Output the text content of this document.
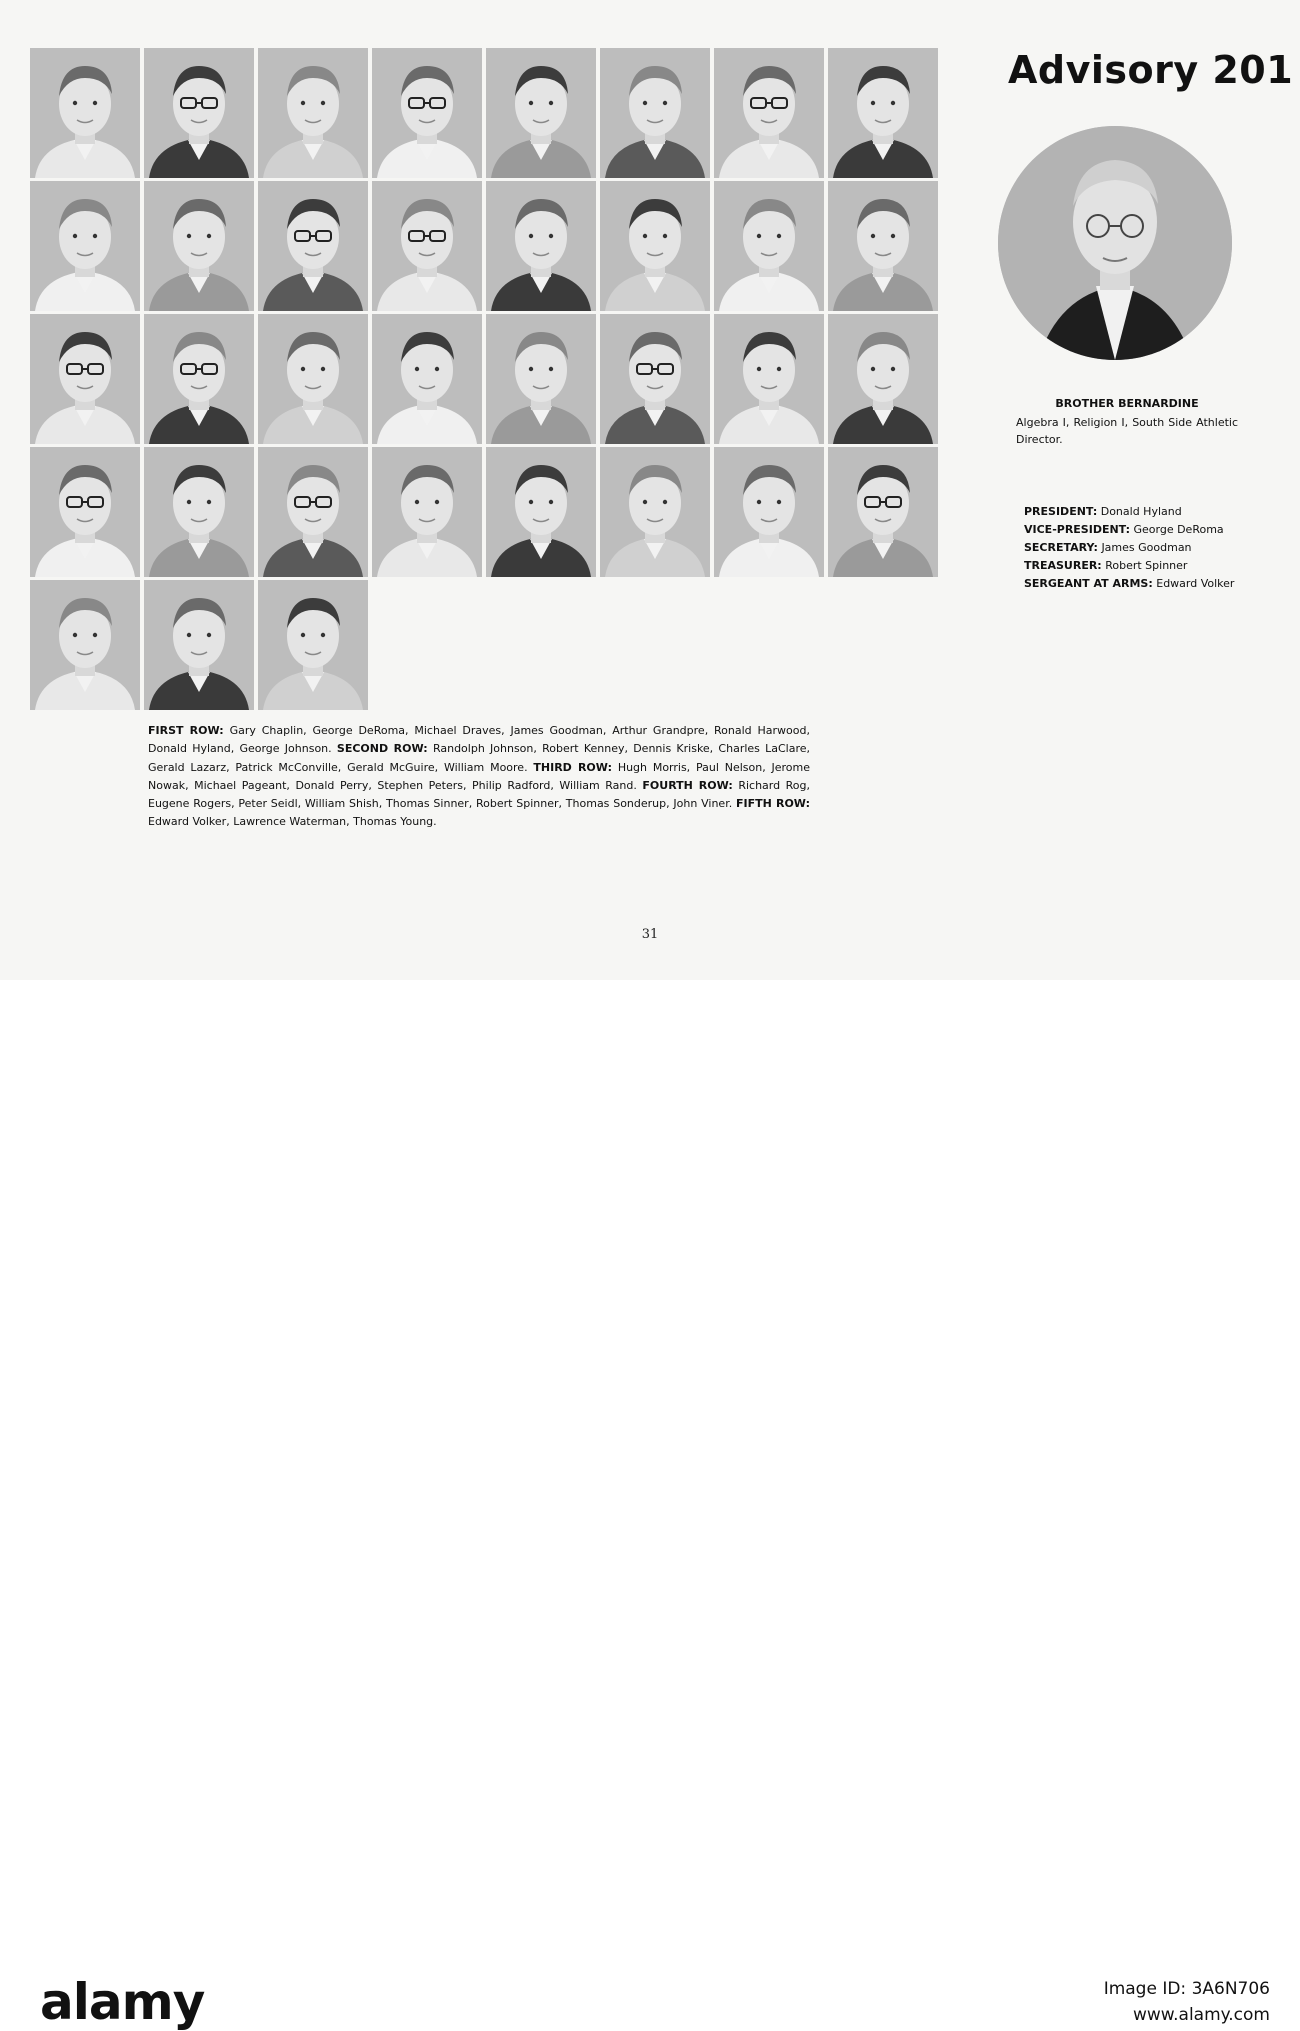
Advisory 201
BROTHER BERNARDINE
Algebra I, Religion I, South Side Athletic Director.
PRESIDENT: Donald Hyland
VICE-PRESIDENT: George DeRoma
SECRETARY: James Goodman
TREASURER: Robert Spinner
SERGEANT AT ARMS: Edward Volker
FIRST ROW: Gary Chaplin, George DeRoma, Michael Draves, James Goodman, Arthur Grandpre, Ronald Harwood, Donald Hyland, George Johnson. SECOND ROW: Randolph Johnson, Robert Kenney, Dennis Kriske, Charles LaClare, Gerald Lazarz, Patrick McConville, Gerald McGuire, William Moore. THIRD ROW: Hugh Morris, Paul Nelson, Jerome Nowak, Michael Pageant, Donald Perry, Stephen Peters, Philip Radford, William Rand. FOURTH ROW: Richard Rog, Eugene Rogers, Peter Seidl, William Shish, Thomas Sinner, Robert Spinner, Thomas Sonderup, John Viner. FIFTH ROW: Edward Volker, Lawrence Waterman, Thomas Young.
31
alamy	Image ID: 3A6N706
www.alamy.com
